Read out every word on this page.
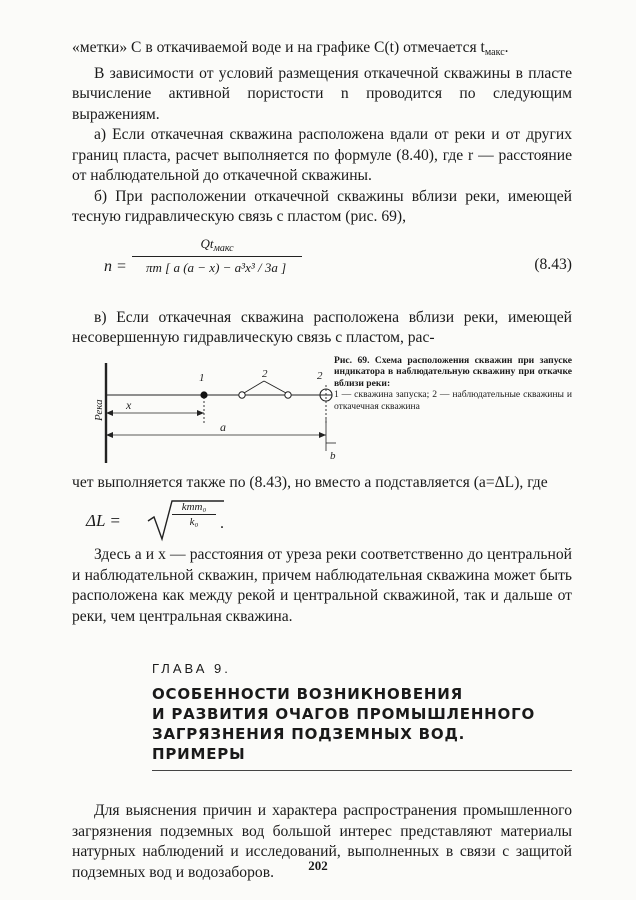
«метки» C в откачиваемой воде и на графике C(t) отмечается $t_{макс}$.

В зависимости от условий размещения откачечной скважины в пласте вычисление активной пористости n проводится по следующим выражениям.

а) Если откачечная скважина расположена вдали от реки и от других границ пласта, расчет выполняется по формуле (8.40), где r — расстояние от наблюдательной до откачечной скважины.

б) При расположении откачечной скважины вблизи реки, имеющей тесную гидравлическую связь с пластом (рис. 69),

n =
$Qt_{макс}$
πm [ a (a − x) − a³x³ / 3a ]	(8.43)

в) Если откачечная скважина расположена вблизи реки, имеющей несовершенную гидравлическую связь с пластом, рас-

Река x
a
b
1	2	2
Рис. 69. Схема расположения скважин при запуске индикатора в наблюдательную скважину при откачке вблизи реки:
1 — скважина запуска; 2 — наблюдательные скважины и откачечная скважина

чет выполняется также по (8.43), но вместо a подставляется (a=ΔL), где

ΔL =
kmm₀
k₀	.

Здесь a и x — расстояния от уреза реки соответственно до центральной и наблюдательной скважин, причем наблюдательная скважина может быть расположена как между рекой и центральной скважиной, так и дальше от реки, чем центральная скважина.

ГЛАВА 9.
ОСОБЕННОСТИ ВОЗНИКНОВЕНИЯ
И РАЗВИТИЯ ОЧАГОВ ПРОМЫШЛЕННОГО
ЗАГРЯЗНЕНИЯ ПОДЗЕМНЫХ ВОД.
ПРИМЕРЫ

Для выяснения причин и характера распространения промышленного загрязнения подземных вод большой интерес представляют материалы натурных наблюдений и исследований, выполненных в связи с защитой подземных вод и водозаборов.	202
